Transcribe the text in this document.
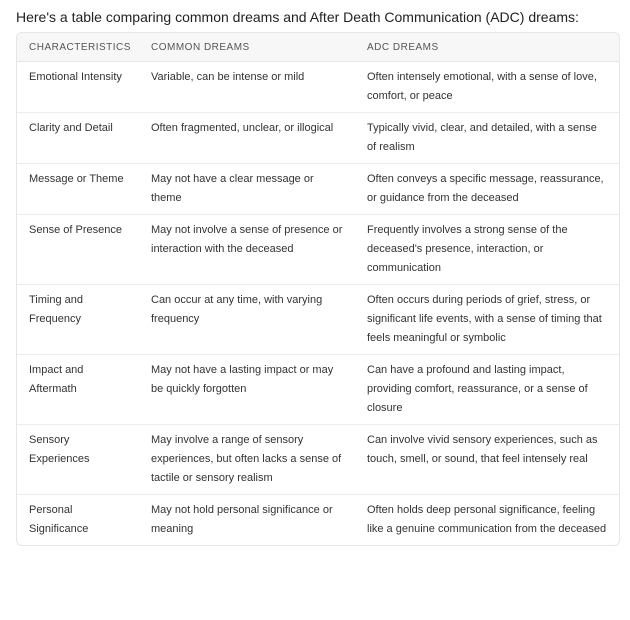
Here's a table comparing common dreams and After Death Communication (ADC) dreams:
CHARACTERISTICS	COMMON DREAMS	ADC DREAMS
Emotional Intensity	Variable, can be intense or mild	Often intensely emotional, with a sense of love, comfort, or peace
Clarity and Detail	Often fragmented, unclear, or illogical	Typically vivid, clear, and detailed, with a sense of realism
Message or Theme	May not have a clear message or theme	Often conveys a specific message, reassurance, or guidance from the deceased
Sense of Presence	May not involve a sense of presence or interaction with the deceased	Frequently involves a strong sense of the deceased's presence, interaction, or communication
Timing and Frequency	Can occur at any time, with varying frequency	Often occurs during periods of grief, stress, or significant life events, with a sense of timing that feels meaningful or symbolic
Impact and Aftermath	May not have a lasting impact or may be quickly forgotten	Can have a profound and lasting impact, providing comfort, reassurance, or a sense of closure
Sensory Experiences	May involve a range of sensory experiences, but often lacks a sense of tactile or sensory realism	Can involve vivid sensory experiences, such as touch, smell, or sound, that feel intensely real
Personal Significance	May not hold personal significance or meaning	Often holds deep personal significance, feeling like a genuine communication from the deceased
